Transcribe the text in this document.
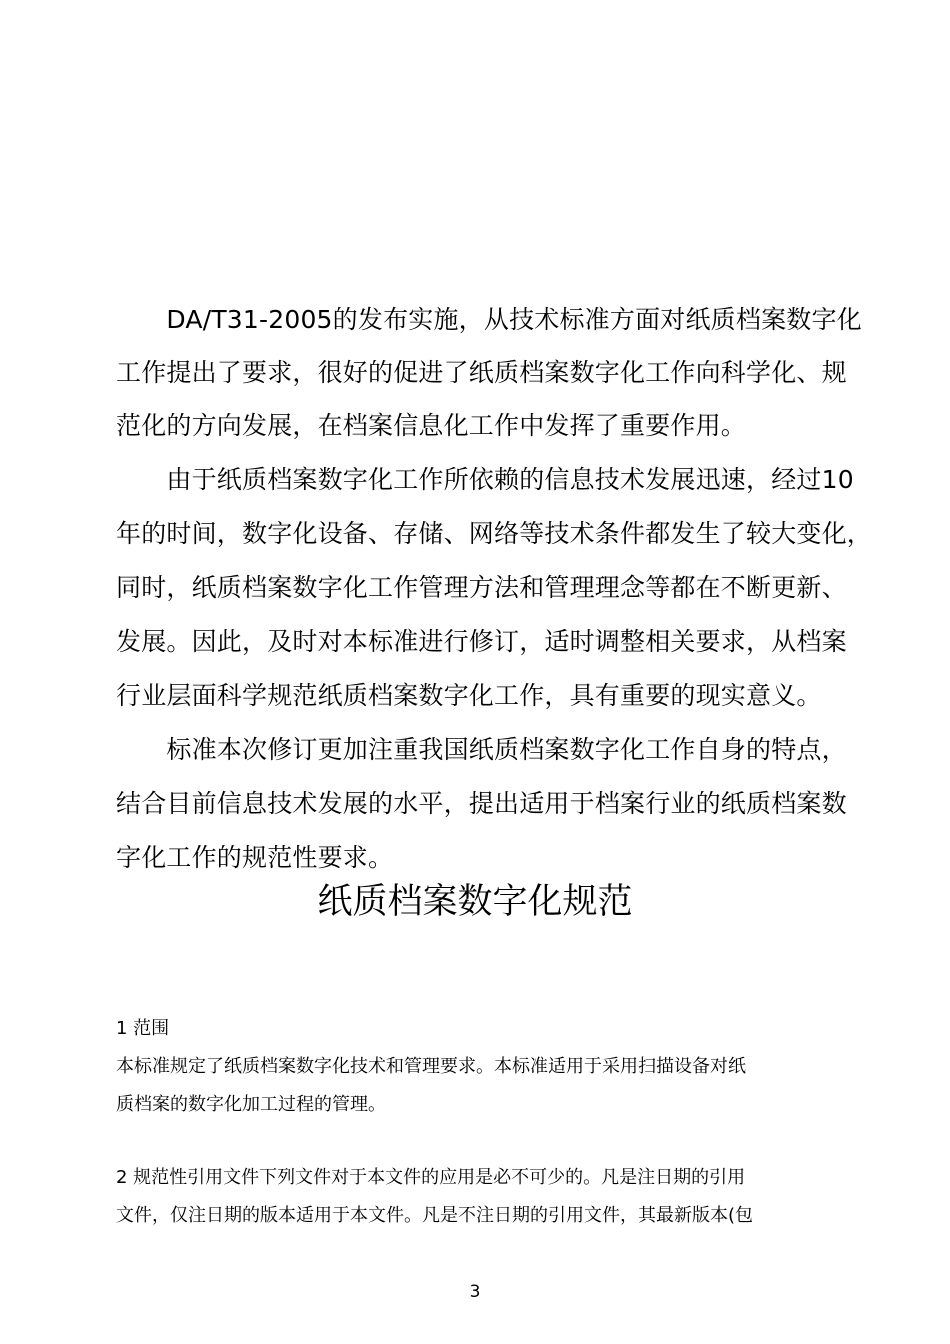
　　DA/T31-2005的发布实施，从技术标准方面对纸质档案数字化
工作提出了要求，很好的促进了纸质档案数字化工作向科学化、规
范化的方向发展，在档案信息化工作中发挥了重要作用。
　　由于纸质档案数字化工作所依赖的信息技术发展迅速，经过10
年的时间，数字化设备、存储、网络等技术条件都发生了较大变化，
同时，纸质档案数字化工作管理方法和管理理念等都在不断更新、
发展。因此，及时对本标准进行修订，适时调整相关要求，从档案
行业层面科学规范纸质档案数字化工作，具有重要的现实意义。
　　标准本次修订更加注重我国纸质档案数字化工作自身的特点，
结合目前信息技术发展的水平，提出适用于档案行业的纸质档案数
字化工作的规范性要求。
纸质档案数字化规范
1 范围
本标准规定了纸质档案数字化技术和管理要求。本标准适用于采用扫描设备对纸
质档案的数字化加工过程的管理。
2 规范性引用文件下列文件对于本文件的应用是必不可少的。凡是注日期的引用
文件，仅注日期的版本适用于本文件。凡是不注日期的引用文件，其最新版本(包
3
